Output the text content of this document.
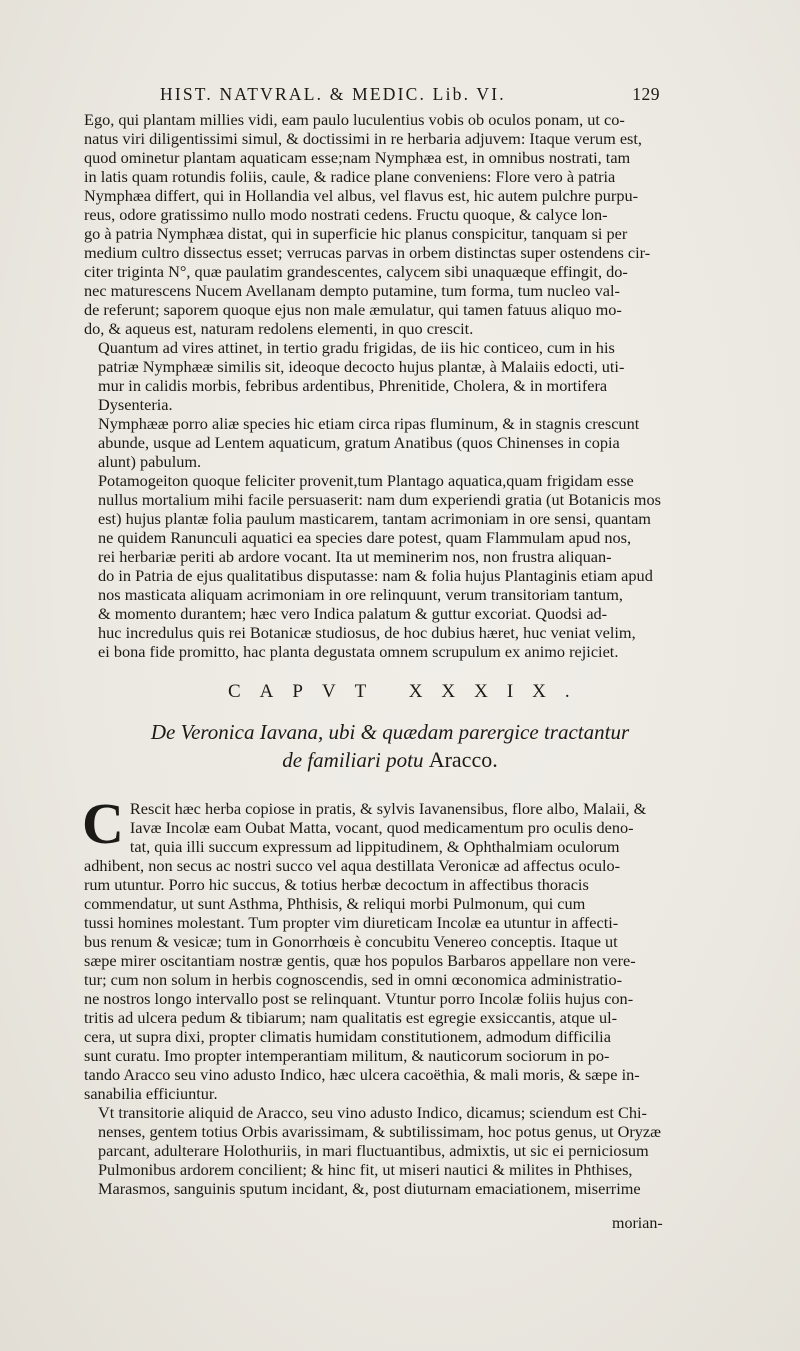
HIST. NATVRAL. & MEDIC. Lib. VI.	129

Ego, qui plantam millies vidi, eam paulo luculentius vobis ob oculos ponam, ut co-
natus viri diligentissimi simul, & doctissimi in re herbaria adjuvem: Itaque verum est,
quod ominetur plantam aquaticam esse;nam Nymphæa est, in omnibus nostrati, tam
in latis quam rotundis foliis, caule, & radice plane conveniens: Flore vero à patria
Nymphæa differt, qui in Hollandia vel albus, vel flavus est, hic autem pulchre purpu-
reus, odore gratissimo nullo modo nostrati cedens. Fructu quoque, & calyce lon-
go à patria Nymphæa distat, qui in superficie hic planus conspicitur, tanquam si per
medium cultro dissectus esset; verrucas parvas in orbem distinctas super ostendens cir-
citer triginta N°, quæ paulatim grandescentes, calycem sibi unaquæque effingit, do-
nec maturescens Nucem Avellanam dempto putamine, tum forma, tum nucleo val-
de referunt; saporem quoque ejus non male æmulatur, qui tamen fatuus aliquo mo-
do, & aqueus est, naturam redolens elementi, in quo crescit.

Quantum ad vires attinet, in tertio gradu frigidas, de iis hic conticeo, cum in his
patriæ Nymphææ similis sit, ideoque decocto hujus plantæ, à Malaiis edocti, uti-
mur in calidis morbis, febribus ardentibus, Phrenitide, Cholera, & in mortifera
Dysenteria.

Nymphææ porro aliæ species hic etiam circa ripas fluminum, & in stagnis crescunt
abunde, usque ad Lentem aquaticum, gratum Anatibus (quos Chinenses in copia
alunt) pabulum.

Potamogeiton quoque feliciter provenit,tum Plantago aquatica,quam frigidam esse
nullus mortalium mihi facile persuaserit: nam dum experiendi gratia (ut Botanicis mos
est) hujus plantæ folia paulum masticarem, tantam acrimoniam in ore sensi, quantam
ne quidem Ranunculi aquatici ea species dare potest, quam Flammulam apud nos,
rei herbariæ periti ab ardore vocant. Ita ut meminerim nos, non frustra aliquan-
do in Patria de ejus qualitatibus disputasse: nam & folia hujus Plantaginis etiam apud
nos masticata aliquam acrimoniam in ore relinquunt, verum transitoriam tantum,
& momento durantem; hæc vero Indica palatum & guttur excoriat. Quodsi ad-
huc incredulus quis rei Botanicæ studiosus, de hoc dubius hæret, huc veniat velim,
ei bona fide promitto, hac planta degustata omnem scrupulum ex animo rejiciet.

CAPVT XXXIX.
De Veronica Iavana, ubi & quædam parergice tractantur
de familiari potu Aracco.

C Rescit hæc herba copiose in pratis, & sylvis Iavanensibus, flore albo, Malaii, &
Iavæ Incolæ eam Oubat Matta, vocant, quod medicamentum pro oculis deno-
tat, quia illi succum expressum ad lippitudinem, & Ophthalmiam oculorum
adhibent, non secus ac nostri succo vel aqua destillata Veronicæ ad affectus oculo-
rum utuntur. Porro hic succus, & totius herbæ decoctum in affectibus thoracis
commendatur, ut sunt Asthma, Phthisis, & reliqui morbi Pulmonum, qui cum
tussi homines molestant. Tum propter vim diureticam Incolæ ea utuntur in affecti-
bus renum & vesicæ; tum in Gonorrhœis è concubitu Venereo conceptis. Itaque ut
sæpe mirer oscitantiam nostræ gentis, quæ hos populos Barbaros appellare non vere-
tur; cum non solum in herbis cognoscendis, sed in omni œconomica administratio-
ne nostros longo intervallo post se relinquant. Vtuntur porro Incolæ foliis hujus con-
tritis ad ulcera pedum & tibiarum; nam qualitatis est egregie exsiccantis, atque ul-
cera, ut supra dixi, propter climatis humidam constitutionem, admodum difficilia
sunt curatu. Imo propter intemperantiam militum, & nauticorum sociorum in po-
tando Aracco seu vino adusto Indico, hæc ulcera cacoëthia, & mali moris, & sæpe in-
sanabilia efficiuntur.

Vt transitorie aliquid de Aracco, seu vino adusto Indico, dicamus; sciendum est Chi-
nenses, gentem totius Orbis avarissimam, & subtilissimam, hoc potus genus, ut Oryzæ
parcant, adulterare Holothuriis, in mari fluctuantibus, admixtis, ut sic ei perniciosum
Pulmonibus ardorem concilient; & hinc fit, ut miseri nautici & milites in Phthises,
Marasmos, sanguinis sputum incidant, &, post diuturnam emaciationem, miserrime

morian-
